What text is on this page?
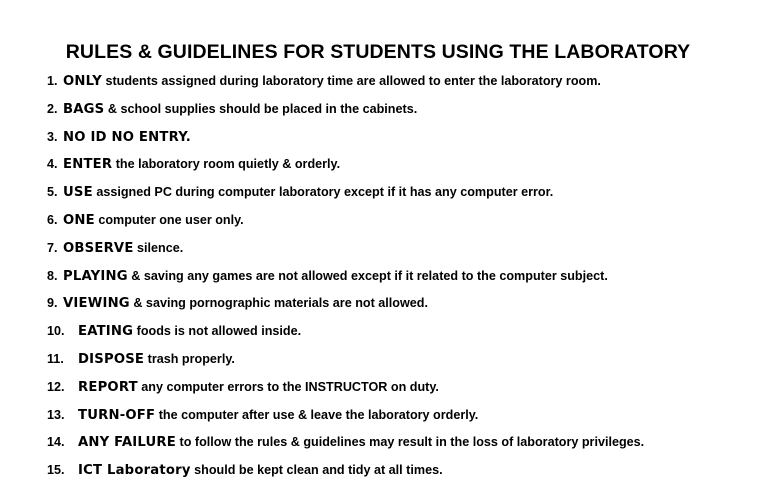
RULES & GUIDELINES FOR STUDENTS USING THE LABORATORY
1. ONLY students assigned during laboratory time are allowed to enter the laboratory room.
2. BAGS & school supplies should be placed in the cabinets.
3. NO ID NO ENTRY.
4. ENTER the laboratory room quietly & orderly.
5. USE assigned PC during computer laboratory except if it has any computer error.
6. ONE computer one user only.
7. OBSERVE silence.
8. PLAYING & saving any games are not allowed except if it related to the computer subject.
9. VIEWING & saving pornographic materials are not allowed.
10. EATING foods is not allowed inside.
11. DISPOSE trash properly.
12. REPORT any computer errors to the INSTRUCTOR on duty.
13. TURN-OFF the computer after use & leave the laboratory orderly.
14. ANY FAILURE to follow the rules & guidelines may result in the loss of laboratory privileges.
15. ICT Laboratory should be kept clean and tidy at all times.
